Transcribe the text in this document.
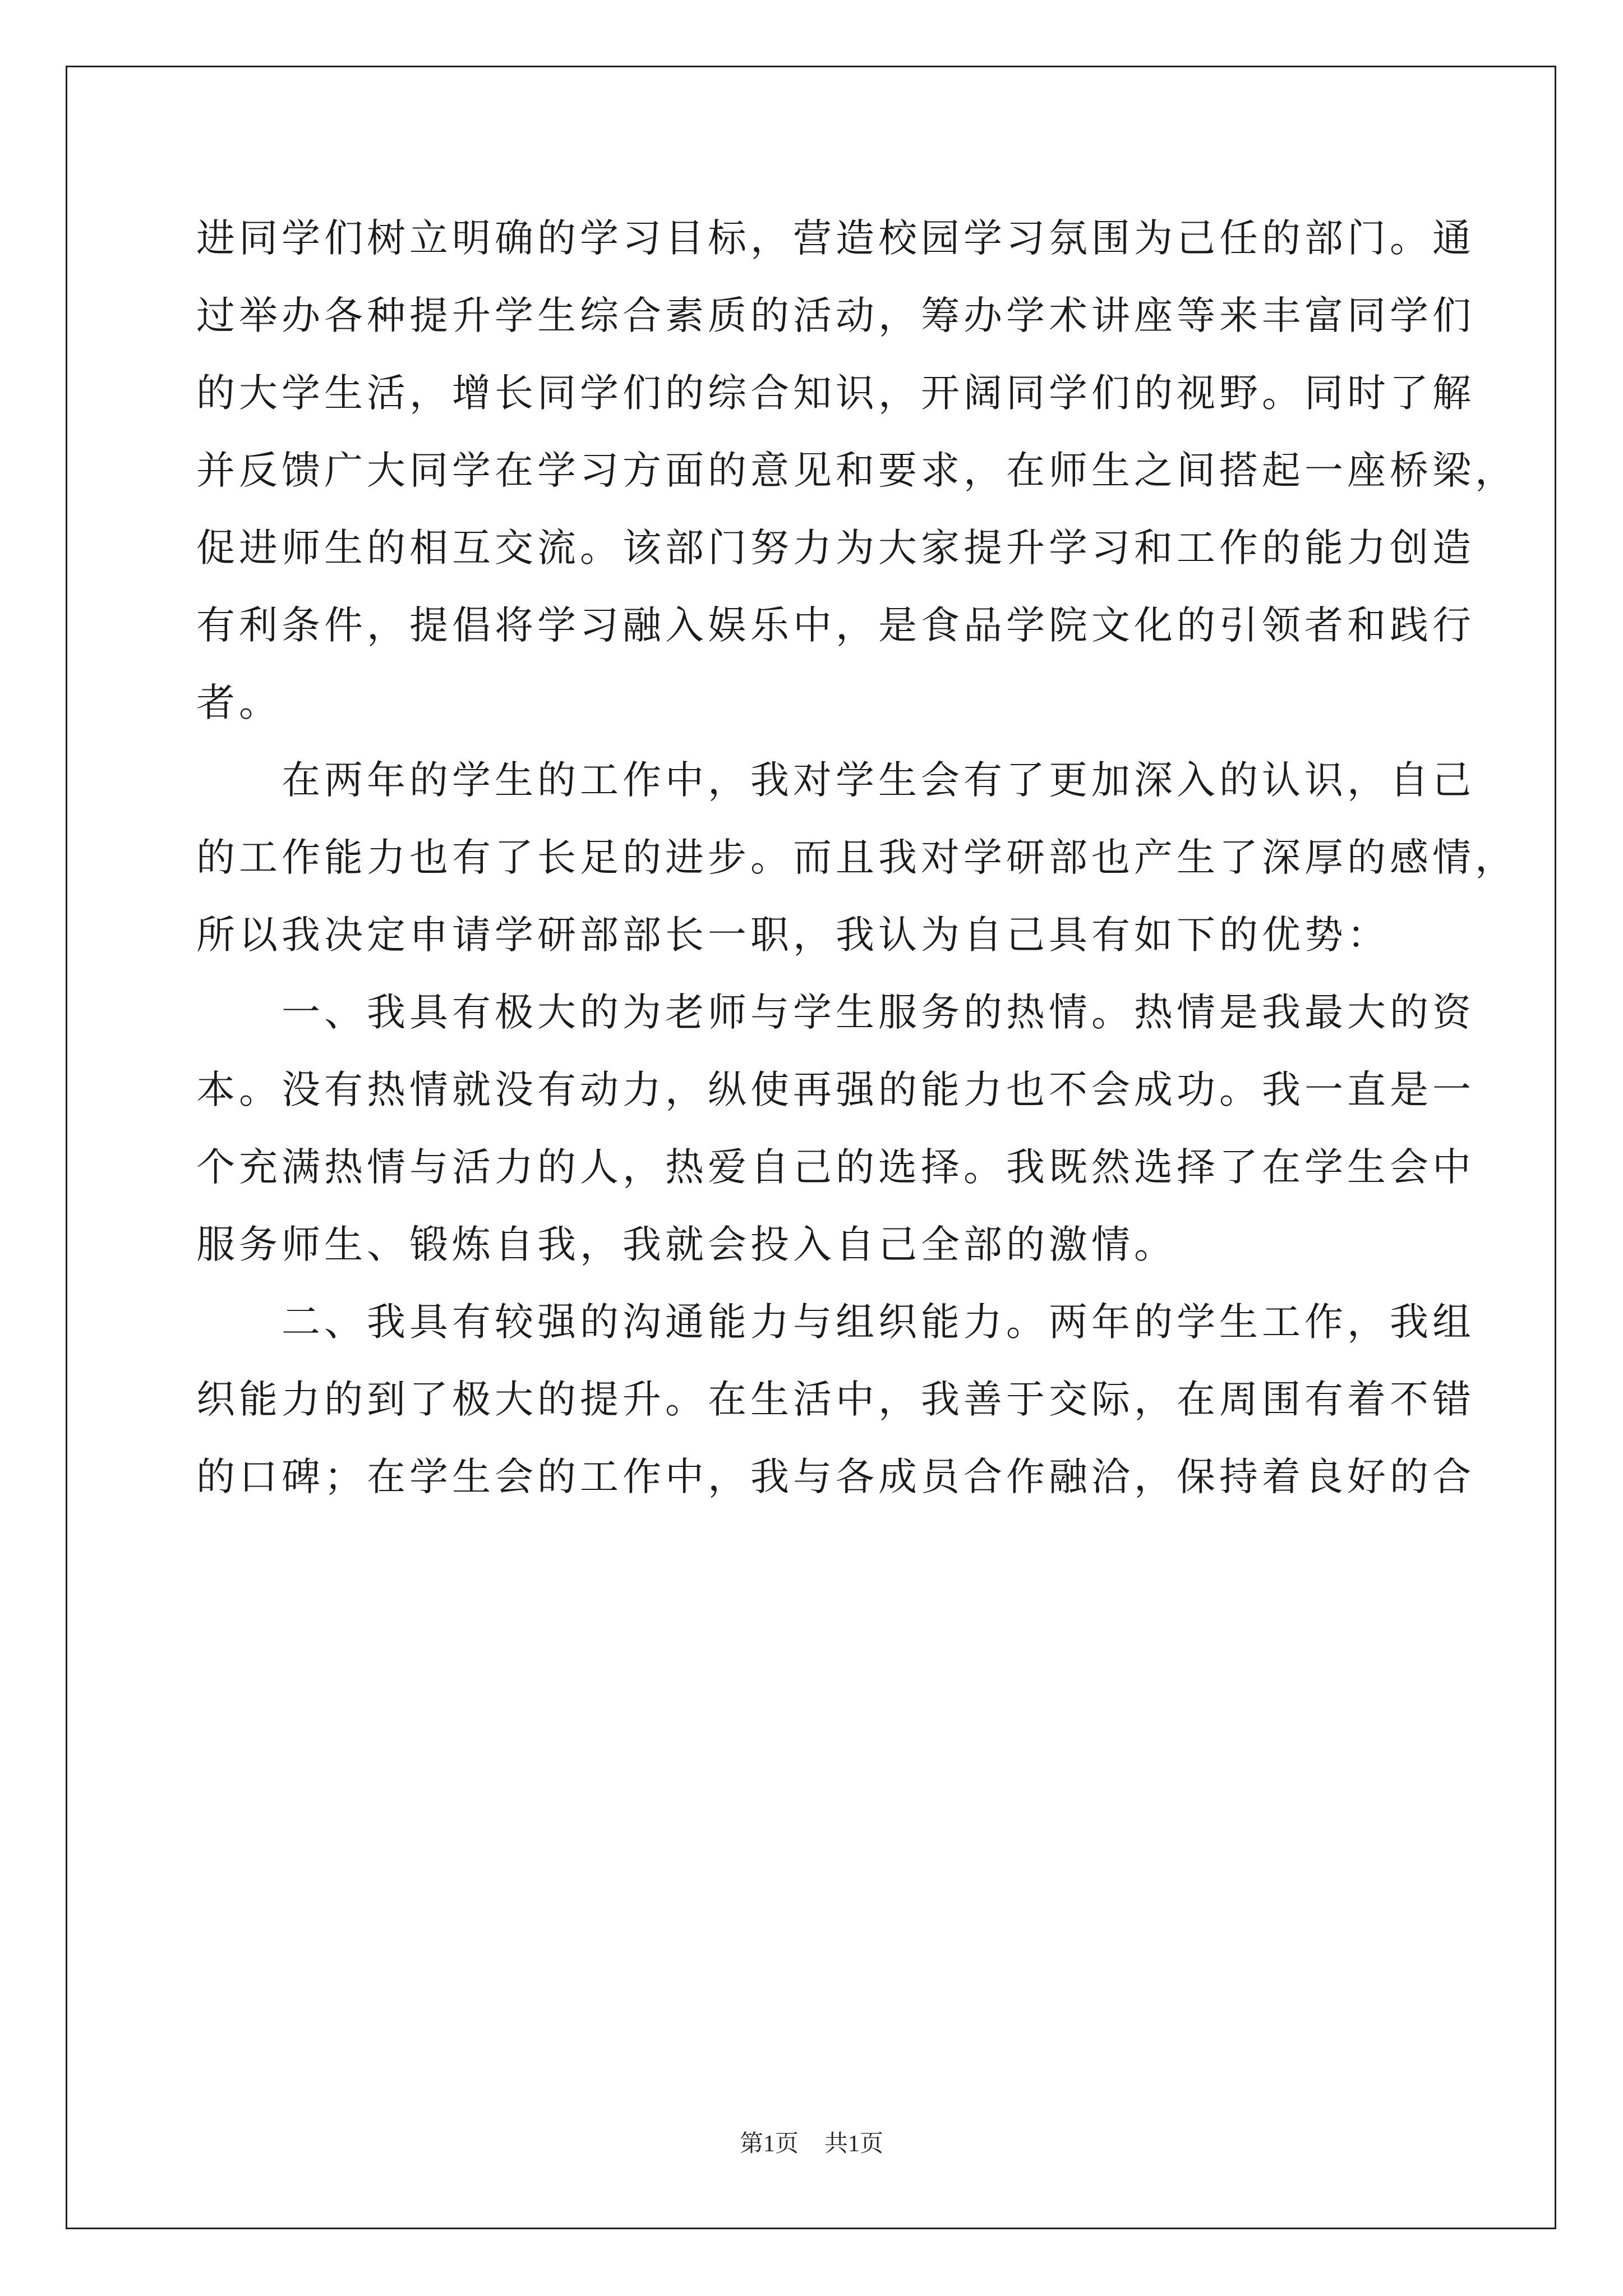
进同学们树立明确的学习目标，营造校园学习氛围为己任的部门。通
过举办各种提升学生综合素质的活动，筹办学术讲座等来丰富同学们
的大学生活，增长同学们的综合知识，开阔同学们的视野。同时了解
并反馈广大同学在学习方面的意见和要求，在师生之间搭起一座桥梁，
促进师生的相互交流。该部门努力为大家提升学习和工作的能力创造
有利条件，提倡将学习融入娱乐中，是食品学院文化的引领者和践行
者。
在两年的学生的工作中，我对学生会有了更加深入的认识，自己
的工作能力也有了长足的进步。而且我对学研部也产生了深厚的感情，
所以我决定申请学研部部长一职，我认为自己具有如下的优势：
一、我具有极大的为老师与学生服务的热情。热情是我最大的资
本。没有热情就没有动力，纵使再强的能力也不会成功。我一直是一
个充满热情与活力的人，热爱自己的选择。我既然选择了在学生会中
服务师生、锻炼自我，我就会投入自己全部的激情。
二、我具有较强的沟通能力与组织能力。两年的学生工作，我组
织能力的到了极大的提升。在生活中，我善于交际，在周围有着不错
的口碑；在学生会的工作中，我与各成员合作融洽，保持着良好的合
第1页 共1页
